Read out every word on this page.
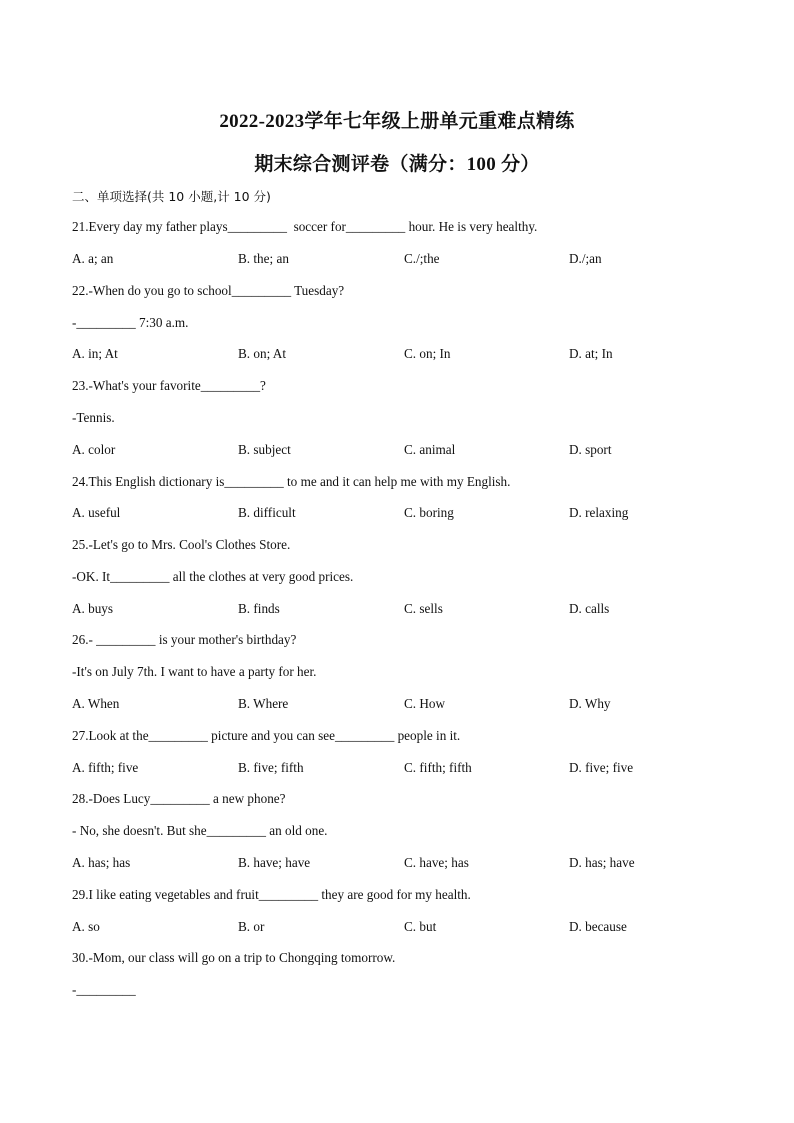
2022-2023学年七年级上册单元重难点精练
期末综合测评卷（满分：100 分）
二、单项选择(共 10 小题,计 10 分)
21.Every day my father plays_________  soccer for_________ hour. He is very healthy.
A. a; an	B. the; an	C./;the	D./;an
22.-When do you go to school_________ Tuesday?
-_________ 7:30 a.m.
A. in; At	B. on; At	C. on; In	D. at; In
23.-What's your favorite_________?
-Tennis.
A. color	B. subject	C. animal	D. sport
24.This English dictionary is_________ to me and it can help me with my English.
A. useful	B. difficult	C. boring	D. relaxing
25.-Let's go to Mrs. Cool's Clothes Store.
-OK. It_________ all the clothes at very good prices.
A. buys	B. finds	C. sells	D. calls
26.- _________ is your mother's birthday?
-It's on July 7th. I want to have a party for her.
A. When	B. Where	C. How	D. Why
27.Look at the_________ picture and you can see_________ people in it.
A. fifth; five	B. five; fifth	C. fifth; fifth	D. five; five
28.-Does Lucy_________ a new phone?
- No, she doesn't. But she_________ an old one.
A. has; has	B. have; have	C. have; has	D. has; have
29.I like eating vegetables and fruit_________ they are good for my health.
A. so	B. or	C. but	D. because
30.-Mom, our class will go on a trip to Chongqing tomorrow.
-_________
